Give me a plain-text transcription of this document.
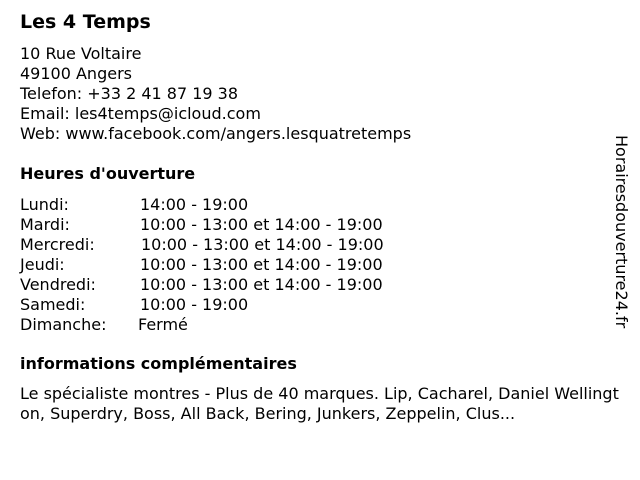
Les 4 Temps
10 Rue Voltaire
49100 Angers
Telefon: +33 2 41 87 19 38
Email: les4temps@icloud.com
Web: www.facebook.com/angers.lesquatretemps
Heures d'ouverture
Lundi:	14:00 - 19:00
Mardi:	10:00 - 13:00 et 14:00 - 19:00
Mercredi:	10:00 - 13:00 et 14:00 - 19:00
Jeudi:	10:00 - 13:00 et 14:00 - 19:00
Vendredi:	10:00 - 13:00 et 14:00 - 19:00
Samedi:	10:00 - 19:00
Dimanche: Fermé
informations complémentaires
Le spécialiste montres - Plus de 40 marques. Lip, Cacharel, Daniel Wellington, Superdry, Boss, All Back, Bering, Junkers, Zeppelin, Clus...
Horairesdouverture24.fr
